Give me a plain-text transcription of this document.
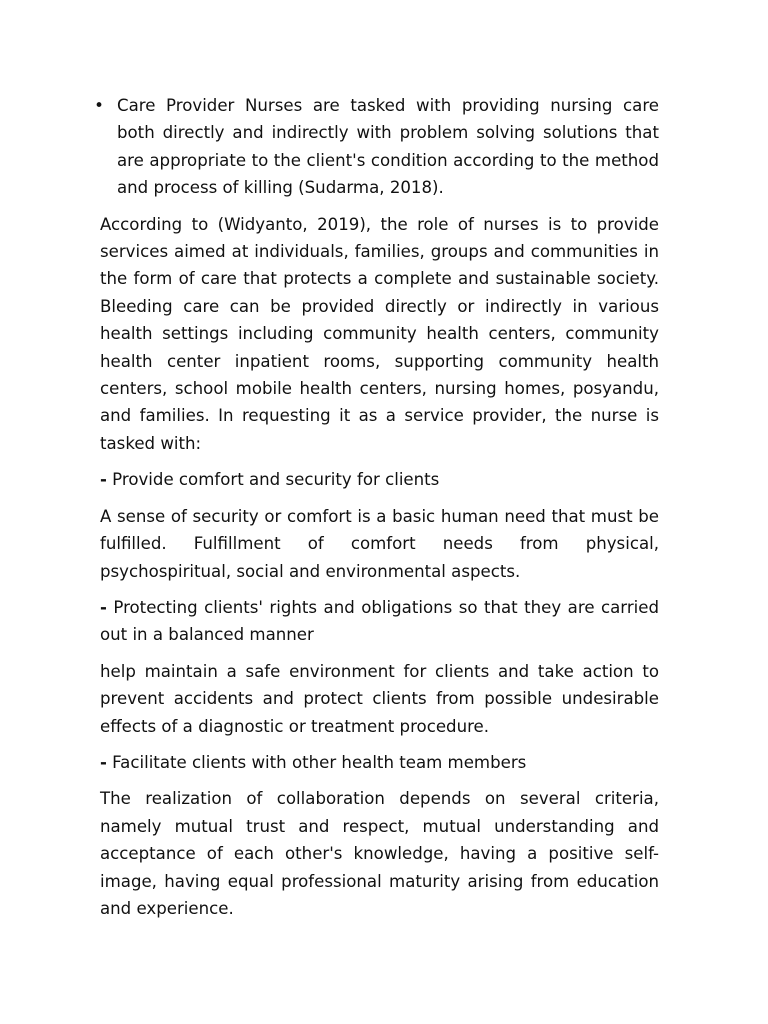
• Care Provider Nurses are tasked with providing nursing care both directly and indirectly with problem solving solutions that are appropriate to the client's condition according to the method and process of killing (Sudarma, 2018).

According to (Widyanto, 2019), the role of nurses is to provide services aimed at individuals, families, groups and communities in the form of care that protects a complete and sustainable society. Bleeding care can be provided directly or indirectly in various health settings including community health centers, community health center inpatient rooms, supporting community health centers, school mobile health centers, nursing homes, posyandu, and families. In requesting it as a service provider, the nurse is tasked with:

- Provide comfort and security for clients

A sense of security or comfort is a basic human need that must be fulfilled. Fulfillment of comfort needs from physical, psychospiritual, social and environmental aspects.

- Protecting clients' rights and obligations so that they are carried out in a balanced manner

help maintain a safe environment for clients and take action to prevent accidents and protect clients from possible undesirable effects of a diagnostic or treatment procedure.

- Facilitate clients with other health team members

The realization of collaboration depends on several criteria, namely mutual trust and respect, mutual understanding and acceptance of each other's knowledge, having a positive self-image, having equal professional maturity arising from education and experience.
